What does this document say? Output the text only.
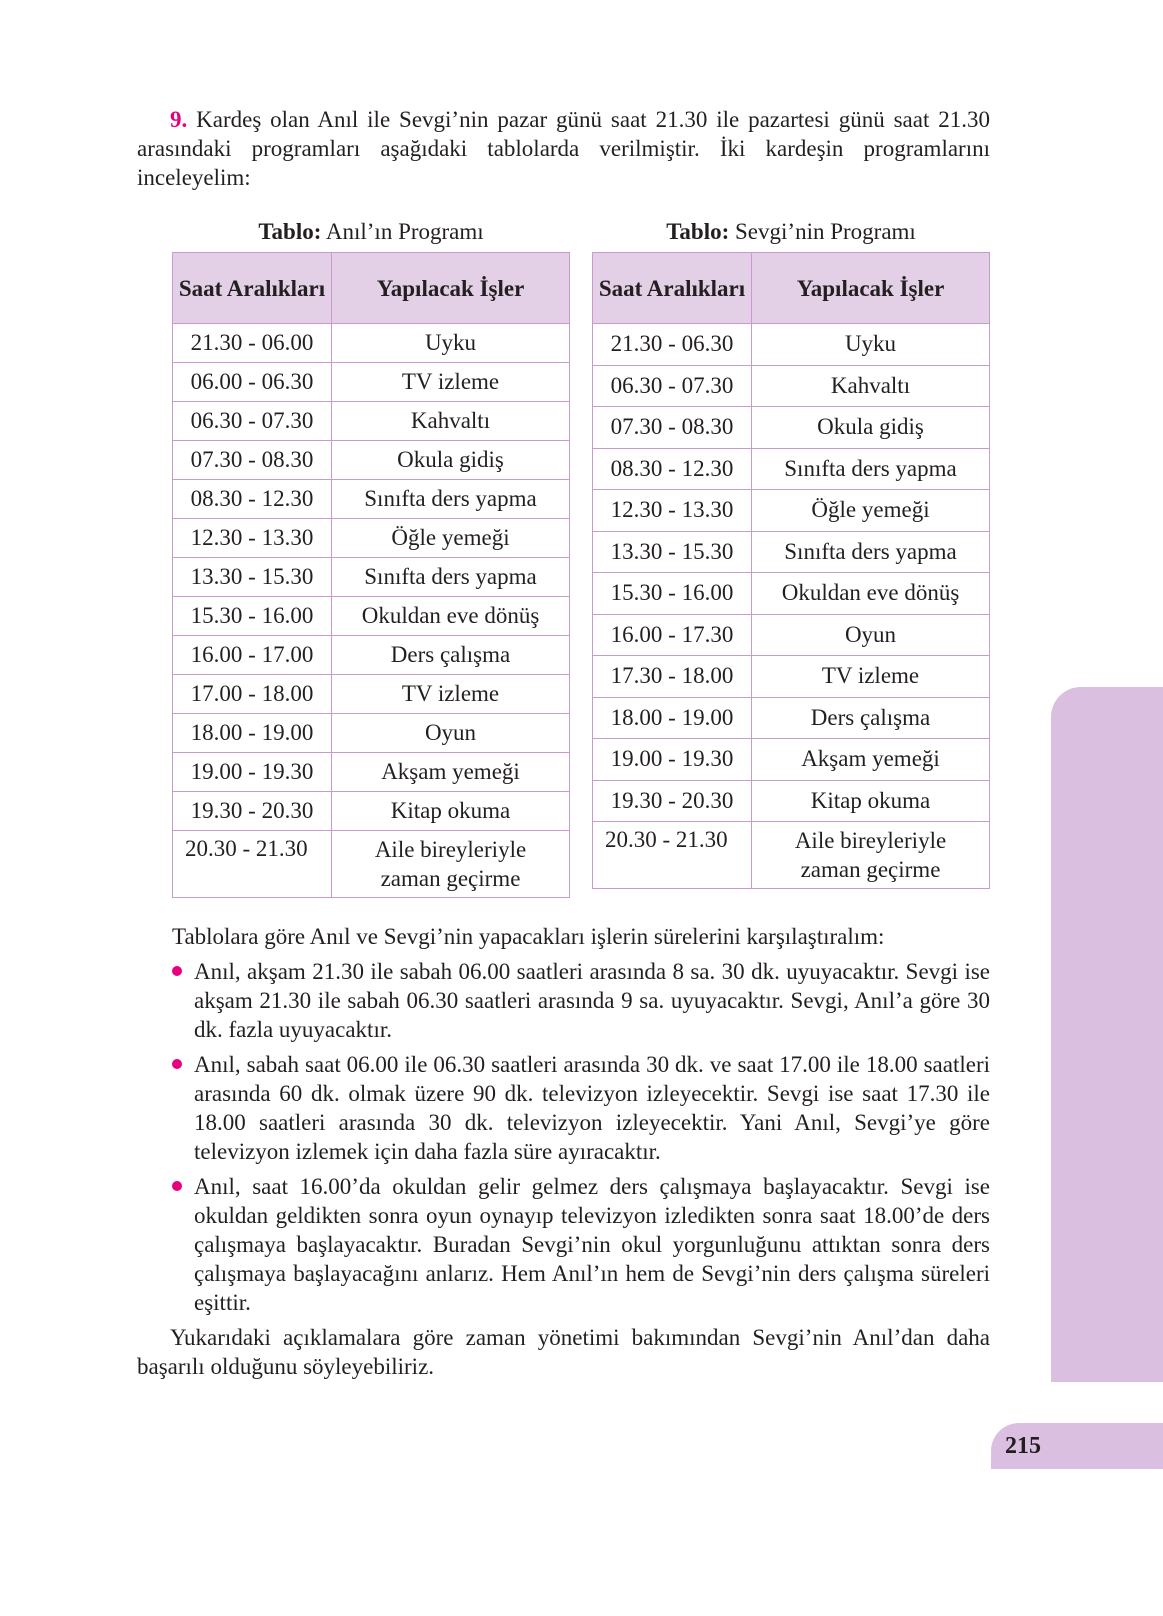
9. Kardeş olan Anıl ile Sevgi’nin pazar günü saat 21.30 ile pazartesi günü saat 21.30 arasındaki programları aşağıdaki tablolarda verilmiştir. İki kardeşin programlarını inceleyelim:

Tablo: Anıl’ın Programı
Saat Aralıkları	Yapılacak İşler
21.30 - 06.00	Uyku
06.00 - 06.30	TV izleme
06.30 - 07.30	Kahvaltı
07.30 - 08.30	Okula gidiş
08.30 - 12.30	Sınıfta ders yapma
12.30 - 13.30	Öğle yemeği
13.30 - 15.30	Sınıfta ders yapma
15.30 - 16.00	Okuldan eve dönüş
16.00 - 17.00	Ders çalışma
17.00 - 18.00	TV izleme
18.00 - 19.00	Oyun
19.00 - 19.30	Akşam yemeği
19.30 - 20.30	Kitap okuma
20.30 - 21.30	Aile bireyleriyle zaman geçirme
Tablo: Sevgi’nin Programı
Saat Aralıkları	Yapılacak İşler
21.30 - 06.30	Uyku
06.30 - 07.30	Kahvaltı
07.30 - 08.30	Okula gidiş
08.30 - 12.30	Sınıfta ders yapma
12.30 - 13.30	Öğle yemeği
13.30 - 15.30	Sınıfta ders yapma
15.30 - 16.00	Okuldan eve dönüş
16.00 - 17.30	Oyun
17.30 - 18.00	TV izleme
18.00 - 19.00	Ders çalışma
19.00 - 19.30	Akşam yemeği
19.30 - 20.30	Kitap okuma
20.30 - 21.30	Aile bireyleriyle zaman geçirme

Tablolara göre Anıl ve Sevgi’nin yapacakları işlerin sürelerini karşılaştıralım:

Anıl, akşam 21.30 ile sabah 06.00 saatleri arasında 8 sa. 30 dk. uyuyacaktır. Sevgi ise akşam 21.30 ile sabah 06.30 saatleri arasında 9 sa. uyuyacaktır. Sevgi, Anıl’a göre 30 dk. fazla uyuyacaktır.
Anıl, sabah saat 06.00 ile 06.30 saatleri arasında 30 dk. ve saat 17.00 ile 18.00 saatleri arasında 60 dk. olmak üzere 90 dk. televizyon izleyecektir. Sevgi ise saat 17.30 ile 18.00 saatleri arasında 30 dk. televizyon izleyecektir. Yani Anıl, Sevgi’ye göre televizyon izlemek için daha fazla süre ayıracaktır.
Anıl, saat 16.00’da okuldan gelir gelmez ders çalışmaya başlayacaktır. Sevgi ise okuldan geldikten sonra oyun oynayıp televizyon izledikten sonra saat 18.00’de ders çalışmaya başlayacaktır. Buradan Sevgi’nin okul yorgunluğunu attıktan sonra ders çalışmaya başlayacağını anlarız. Hem Anıl’ın hem de Sevgi’nin ders çalışma süreleri eşittir.

Yukarıdaki açıklamalara göre zaman yönetimi bakımından Sevgi’nin Anıl’dan daha başarılı olduğunu söyleyebiliriz.

215
